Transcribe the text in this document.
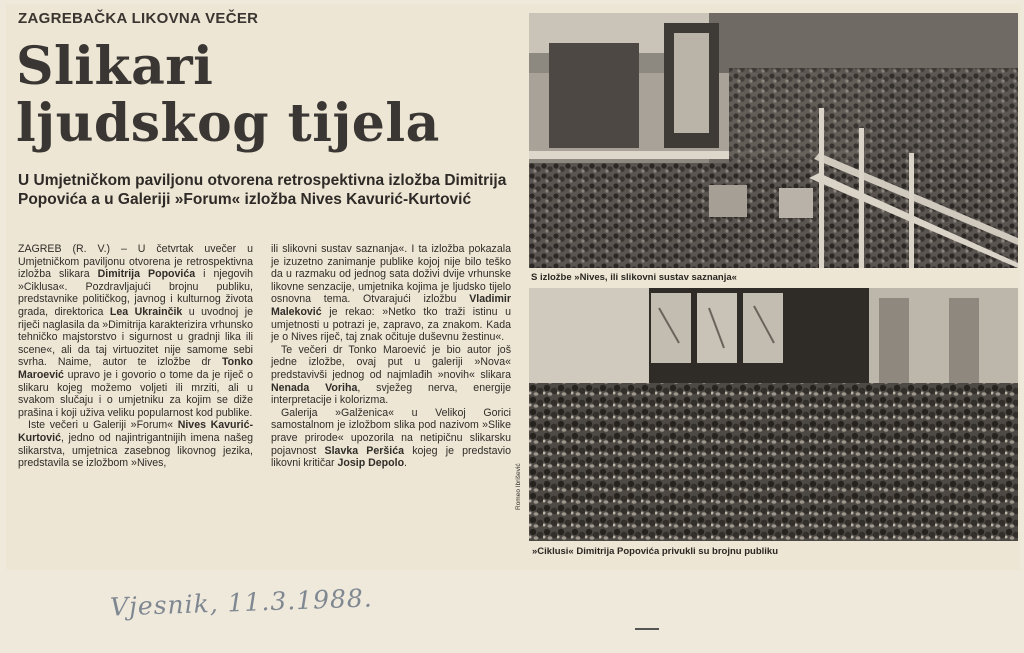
ZAGREBAČKA LIKOVNA VEČER
Slikari
ljudskog tijela
U Umjetničkom paviljonu otvorena retrospektivna izložba Dimitrija Popovića a u Galeriji »Forum« izložba Nives Kavurić-Kurtović

ZAGREB (R. V.) – U četvrtak uvečer u Umjetničkom paviljonu otvorena je retrospektivna izložba slikara Dimitrija Popovića i njegovih »Ciklusa«. Pozdravljajući brojnu publiku, predstavnike političkog, javnog i kulturnog života grada, direktorica Lea Ukrainčik u uvodnoj je riječi naglasila da »Dimitrija karakterizira vrhunsko tehničko majstorstvo i sigurnost u gradnji lika ili scene«, ali da taj virtuozitet nije samome sebi svrha. Naime, autor te izložbe dr Tonko Maroević upravo je i govorio o tome da je riječ o slikaru kojeg možemo voljeti ili mrziti, ali u svakom slučaju i o umjetniku za kojim se diže prašina i koji uživa veliku popularnost kod publike.

Iste večeri u Galeriji »Forum« Nives Kavurić-Kurtović, jedno od najintrigantnijih imena našeg slikarstva, umjetnica zasebnog likovnog jezika, predstavila se izložbom »Nives,

ili slikovni sustav saznanja«. I ta izložba pokazala je izuzetno zanimanje publike kojoj nije bilo teško da u razmaku od jednog sata doživi dvije vrhunske likovne senzacije, umjetnika kojima je ljudsko tijelo osnovna tema. Otvarajući izložbu Vladimir Maleković je rekao: »Netko tko traži istinu u umjetnosti u potrazi je, zapravo, za znakom. Kada je o Nives riječ, taj znak očituje duševnu žestinu«.

Te večeri dr Tonko Maroević je bio autor još jedne izložbe, ovaj put u galeriji »Nova« predstavivši jednog od najmlađih »novih« slikara Nenada Voriha, svježeg nerva, energije interpretacije i kolorizma.

Galerija »Galženica« u Velikoj Gorici samostalnom je izložbom slika pod nazivom »Slike prave prirode« upozorila na netipičnu slikarsku pojavnost Slavka Peršića kojeg je predstavio likovni kritičar Josip Depolo.

S izložbe »Nives, ili slikovni sustav saznanja«
»Ciklusi« Dimitrija Popovića privukli su brojnu publiku
Romeo Ibrišević
Vjesnik, 11.3.1988.
